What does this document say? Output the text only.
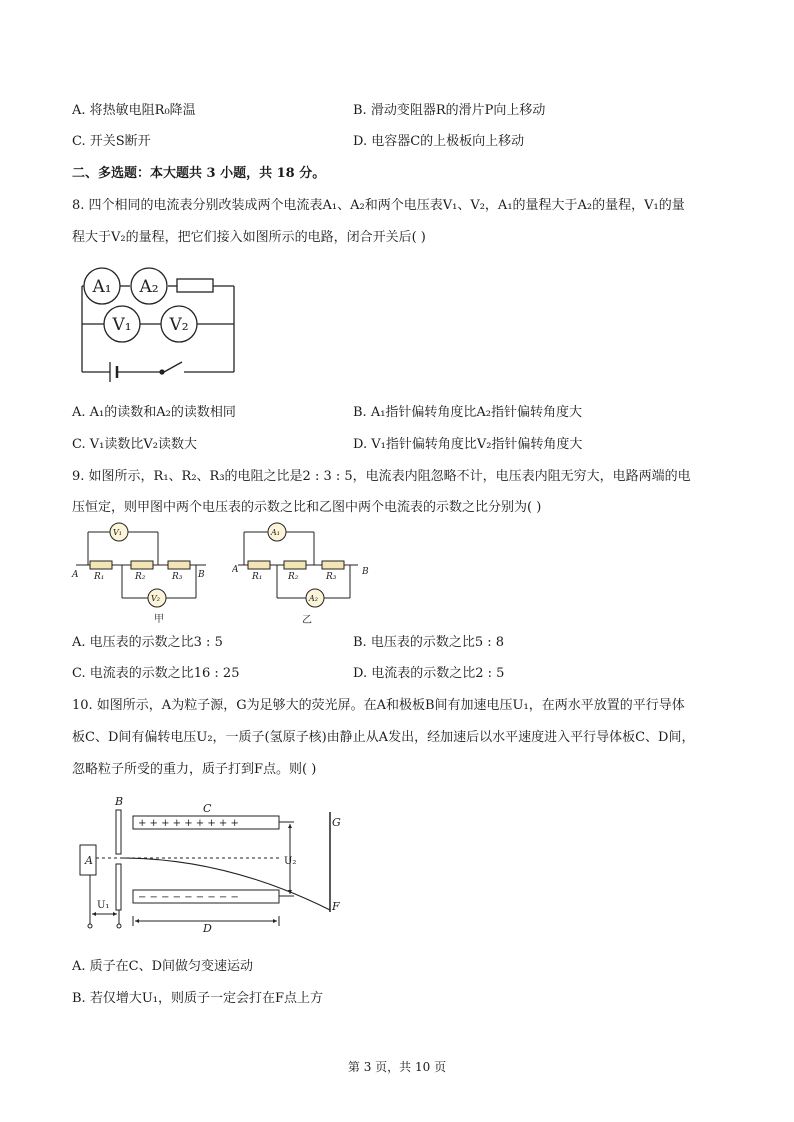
A. 将热敏电阻R₀降温	B. 滑动变阻器R的滑片P向上移动
C. 开关S断开	D. 电容器C的上极板向上移动
二、多选题：本大题共 3 小题，共 18 分。
8. 四个相同的电流表分别改装成两个电流表A₁、A₂和两个电压表V₁、V₂，A₁的量程大于A₂的量程，V₁的量
程大于V₂的量程，把它们接入如图所示的电路，闭合开关后( )
A₁ A₂
V₁ V₂
A. A₁的读数和A₂的读数相同	B. A₁指针偏转角度比A₂指针偏转角度大
C. V₁读数比V₂读数大	D. V₁指针偏转角度比V₂指针偏转角度大
9. 如图所示，R₁、R₂、R₃的电阻之比是2 : 3 : 5，电流表内阻忽略不计，电压表内阻无穷大，电路两端的电
压恒定，则甲图中两个电压表的示数之比和乙图中两个电流表的示数之比分别为( )
A	B
R₁	R₂	R₃
V₁
V₂
甲
A	B
R₁	R₂	R₃
A₁
A₂
乙
A. 电压表的示数之比3 : 5	B. 电压表的示数之比5 : 8
C. 电流表的示数之比16 : 25	D. 电流表的示数之比2 : 5
10. 如图所示，A为粒子源，G为足够大的荧光屏。在A和极板B间有加速电压U₁，在两水平放置的平行导体
板C、D间有偏转电压U₂，一质子(氢原子核)由静止从A发出，经加速后以水平速度进入平行导体板C、D间，
忽略粒子所受的重力，质子打到F点。则( )
A
B
C
D
G
F
U₁
U₂
+ + + + + + + + +
− − − − − − − − −
A. 质子在C、D间做匀变速运动
B. 若仅增大U₁，则质子一定会打在F点上方
第 3 页，共 10 页
